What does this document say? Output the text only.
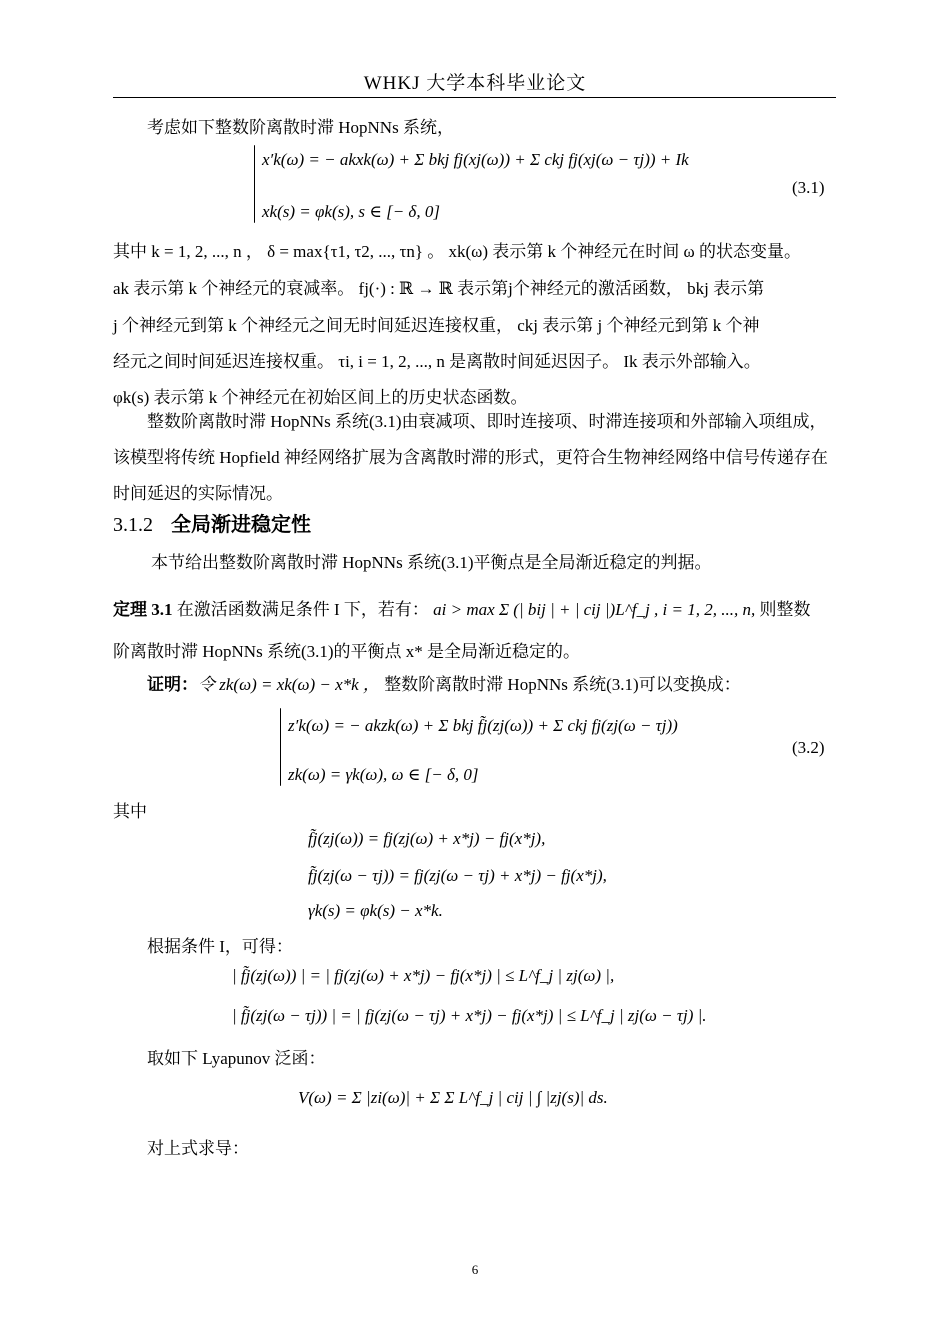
WHKJ 大学本科毕业论文
考虑如下整数阶离散时滞 HopNNs 系统，
x′k(ω) = − akxk(ω) + Σ bkj fj(xj(ω)) + Σ ckj fj(xj(ω − τj)) + Ik
xk(s) = φk(s), s ∈ [− δ, 0]
(3.1)
其中 k = 1, 2, ..., n ， δ = max{τ1, τ2, ..., τn} 。 xk(ω) 表示第 k 个神经元在时间 ω 的状态变量。
ak 表示第 k 个神经元的衰减率。 fj(·) : ℝ → ℝ 表示第j个神经元的激活函数， bkj 表示第
j 个神经元到第 k 个神经元之间无时间延迟连接权重， ckj 表示第 j 个神经元到第 k 个神
经元之间时间延迟连接权重。 τi, i = 1, 2, ..., n 是离散时间延迟因子。 Ik 表示外部输入。
φk(s) 表示第 k 个神经元在初始区间上的历史状态函数。

整数阶离散时滞 HopNNs 系统(3.1)由衰减项、即时连接项、时滞连接项和外部输入项组成，该模型将传统 Hopfield 神经网络扩展为含离散时滞的形式，更符合生物神经网络中信号传递存在时间延迟的实际情况。

3.1.2 全局渐进稳定性
本节给出整数阶离散时滞 HopNNs 系统(3.1)平衡点是全局渐近稳定的判据。
定理 3.1 在激活函数满足条件 I 下，若有： ai > max Σ (| bij | + | cij |)L^f_j , i = 1, 2, ..., n, 则整数
阶离散时滞 HopNNs 系统(3.1)的平衡点 x* 是全局渐近稳定的。
证明：令 zk(ω) = xk(ω) − x*k ， 整数阶离散时滞 HopNNs 系统(3.1)可以变换成：
z′k(ω) = − akzk(ω) + Σ bkj f̃j(zj(ω)) + Σ ckj fj(zj(ω − τj))
zk(ω) = γk(ω), ω ∈ [− δ, 0]
(3.2)
其中
f̃j(zj(ω)) = fj(zj(ω) + x*j) − fj(x*j),
f̃j(zj(ω − τj)) = fj(zj(ω − τj) + x*j) − fj(x*j),
γk(s) = φk(s) − x*k.
根据条件 I，可得：
| f̃j(zj(ω)) | = | fj(zj(ω) + x*j) − fj(x*j) | ≤ L^f_j | zj(ω) |,
| f̃j(zj(ω − τj)) | = | fj(zj(ω − τj) + x*j) − fj(x*j) | ≤ L^f_j | zj(ω − τj) |.
取如下 Lyapunov 泛函：
V(ω) = Σ |zi(ω)| + Σ Σ L^f_j | cij | ∫ |zj(s)| ds.
对上式求导：
6
